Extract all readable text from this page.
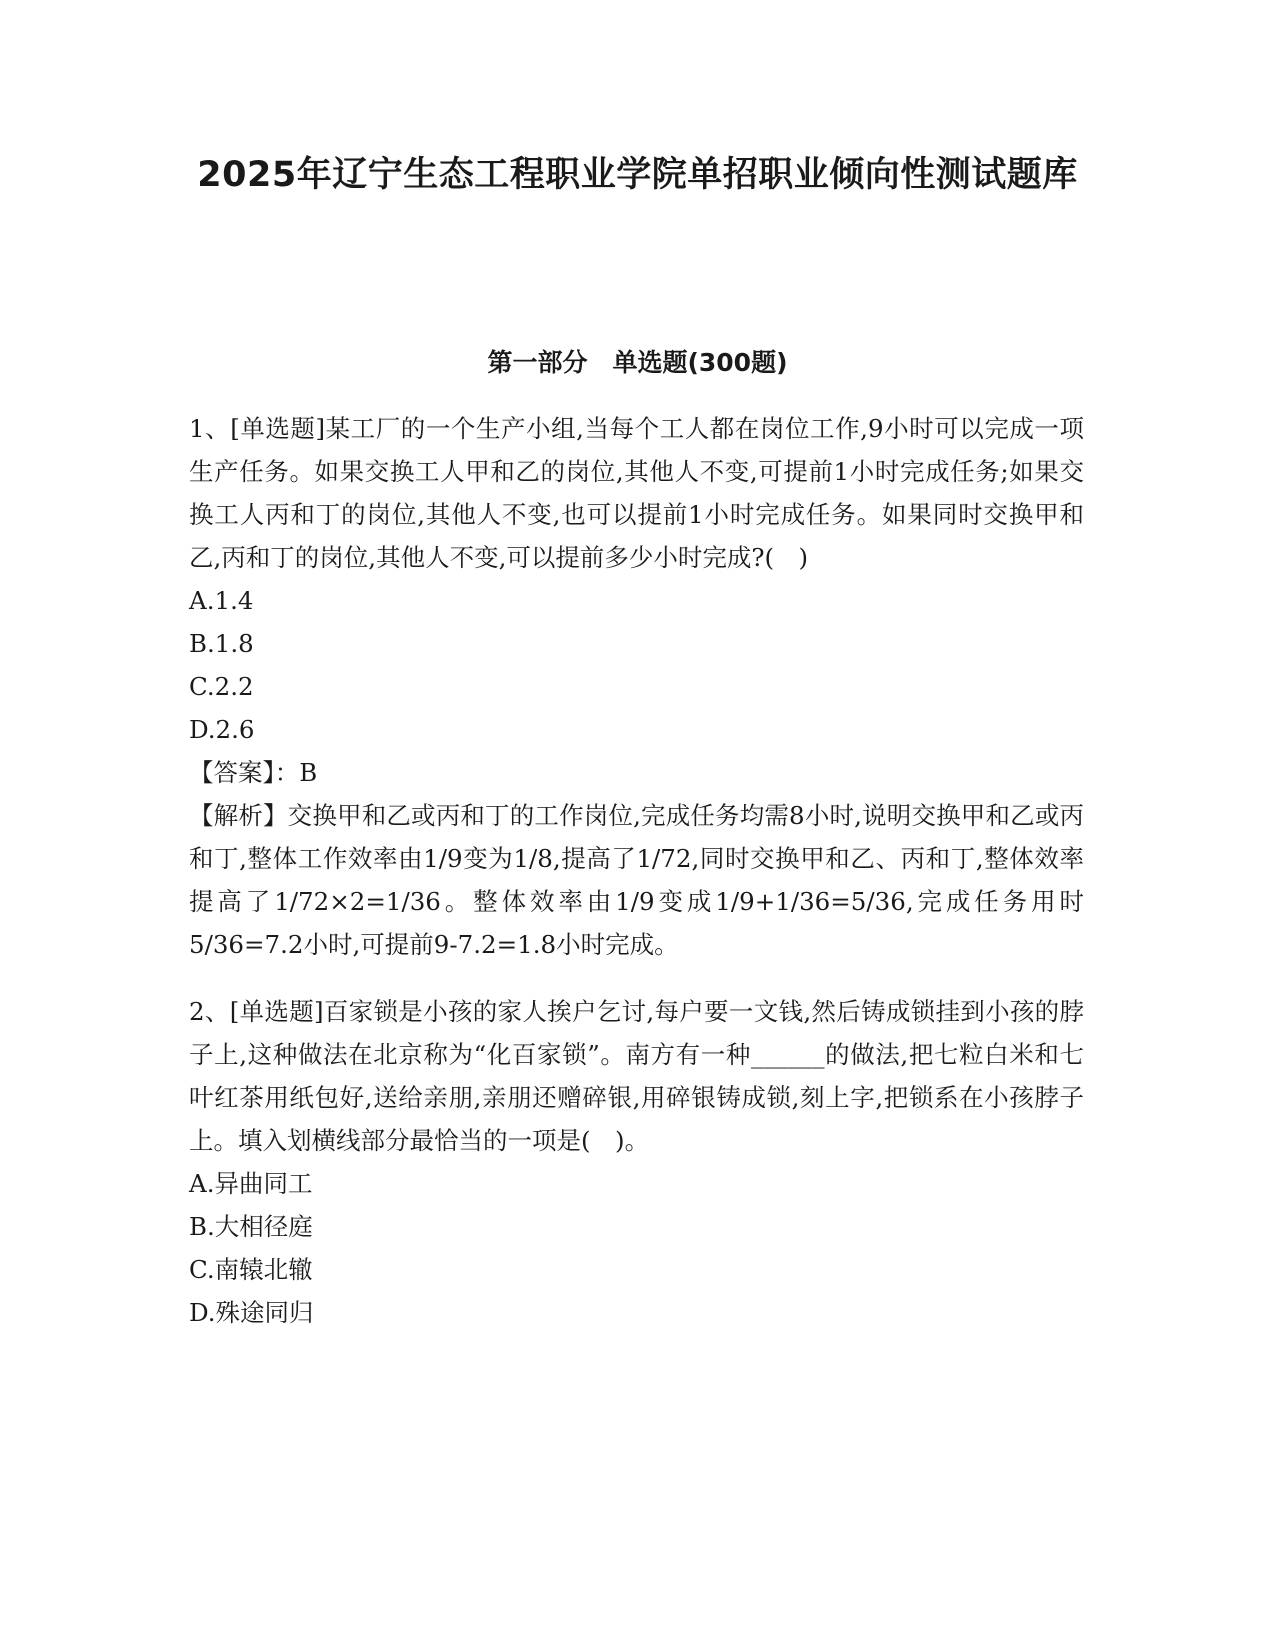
2025年辽宁生态工程职业学院单招职业倾向性测试题库
第一部分　单选题(300题)

1、[单选题]某工厂的一个生产小组,当每个工人都在岗位工作,9小时可以完成一项生产任务。如果交换工人甲和乙的岗位,其他人不变,可提前1小时完成任务;如果交换工人丙和丁的岗位,其他人不变,也可以提前1小时完成任务。如果同时交换甲和乙,丙和丁的岗位,其他人不变,可以提前多少小时完成?(　)

A.1.4

B.1.8

C.2.2

D.2.6

【答案】：B

【解析】交换甲和乙或丙和丁的工作岗位,完成任务均需8小时,说明交换甲和乙或丙和丁,整体工作效率由1/9变为1/8,提高了1/72,同时交换甲和乙、丙和丁,整体效率提高了1/72×2=1/36。整体效率由1/9变成1/9+1/36=5/36,完成任务用时5/36=7.2小时,可提前9-7.2=1.8小时完成。

2、[单选题]百家锁是小孩的家人挨户乞讨,每户要一文钱,然后铸成锁挂到小孩的脖子上,这种做法在北京称为“化百家锁”。南方有一种______的做法,把七粒白米和七叶红茶用纸包好,送给亲朋,亲朋还赠碎银,用碎银铸成锁,刻上字,把锁系在小孩脖子上。填入划横线部分最恰当的一项是(　)。

A.异曲同工

B.大相径庭

C.南辕北辙

D.殊途同归
